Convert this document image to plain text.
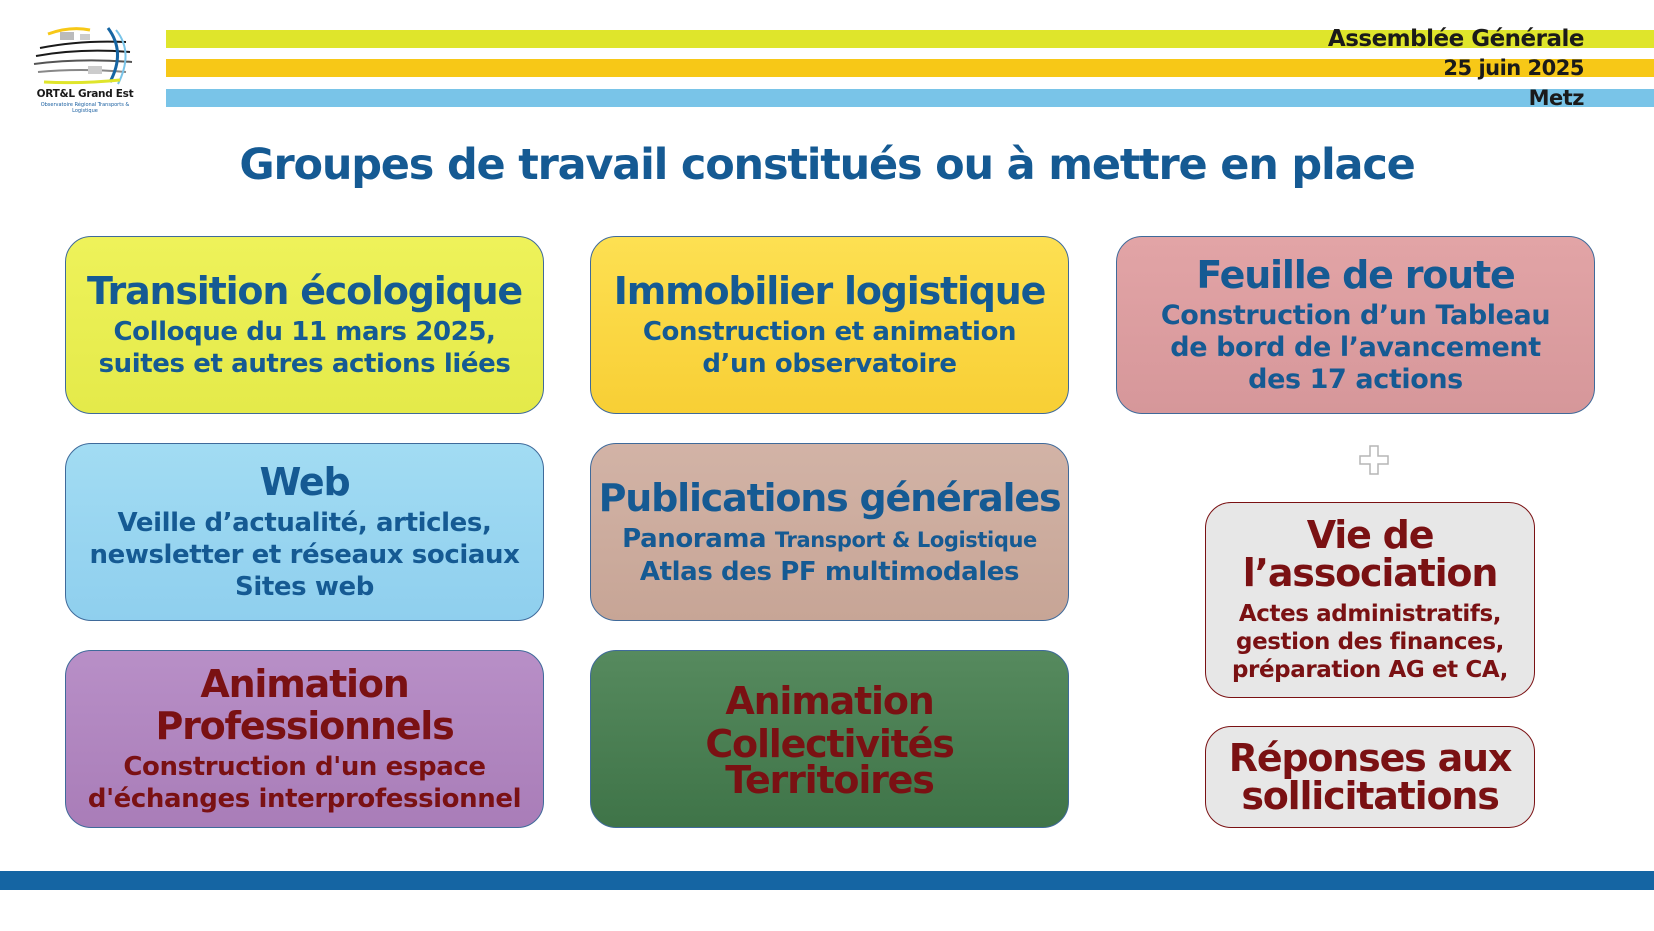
ORT&L Grand Est
Observatoire Régional Transports & Logistique
Assemblée Générale
25 juin 2025
Metz
Groupes de travail constitués ou à mettre en place
Transition écologique
Colloque du 11 mars 2025,
suites et autres actions liées
Immobilier logistique
Construction et animation
d’un observatoire
Feuille de route
Construction d’un Tableau
de bord de l’avancement
des 17 actions
Web
Veille d’actualité, articles,
newsletter et réseaux sociaux
Sites web
Publications générales
Panorama Transport & Logistique
Atlas des PF multimodales
Animation
Professionnels
Construction d'un espace
d'échanges interprofessionnel
Animation
Collectivités
Territoires
Vie de
l’association
Actes administratifs,
gestion des finances,
préparation AG et CA,
Réponses aux
sollicitations
